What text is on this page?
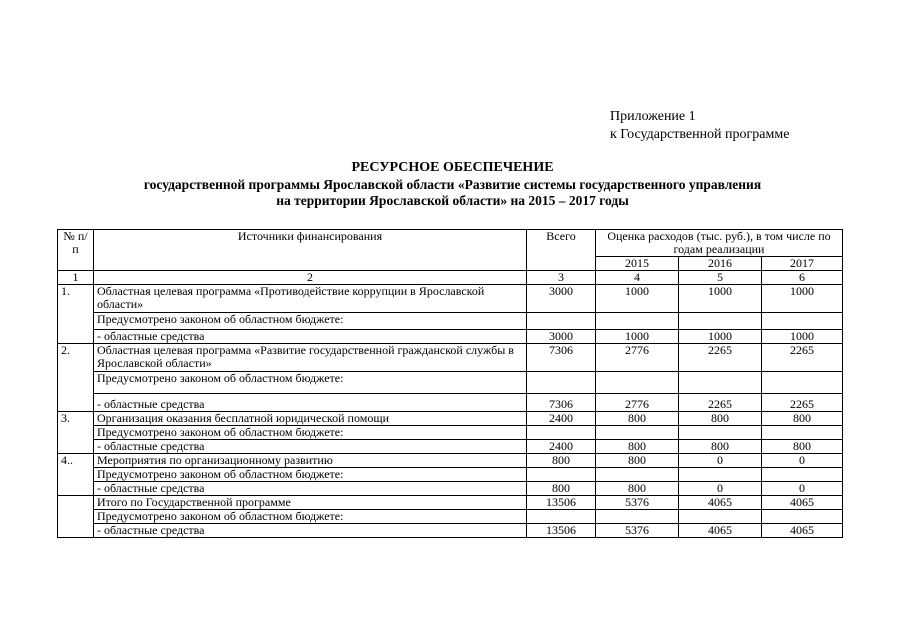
Приложение 1
к Государственной программе
РЕСУРСНОЕ ОБЕСПЕЧЕНИЕ
государственной программы Ярославской области «Развитие системы государственного управления
на территории Ярославской области» на 2015 – 2017 годы
№ п/п	Источники финансирования	Всего	Оценка расходов (тыс. руб.), в том числе по годам реализации		
			2015	2016	2017
1	2	3	4	5	6
1.	Областная целевая программа «Противодействие коррупции в Ярославской области»	3000	1000	1000	1000
	Предусмотрено законом об областном бюджете:				
	- областные средства	3000	1000	1000	1000
2.	Областная целевая программа «Развитие государственной гражданской службы в Ярославской области»	7306	2776	2265	2265
	Предусмотрено законом об областном бюджете:				
	- областные средства	7306	2776	2265	2265
3.	Организация оказания бесплатной юридической помощи	2400	800	800	800
	Предусмотрено законом об областном бюджете:				
	- областные средства	2400	800	800	800
4..	Мероприятия по организационному развитию	800	800	0	0
	Предусмотрено законом об областном бюджете:				
	- областные средства	800	800	0	0
	Итого по Государственной программе	13506	5376	4065	4065
	Предусмотрено законом об областном бюджете:				
	- областные средства	13506	5376	4065	4065
